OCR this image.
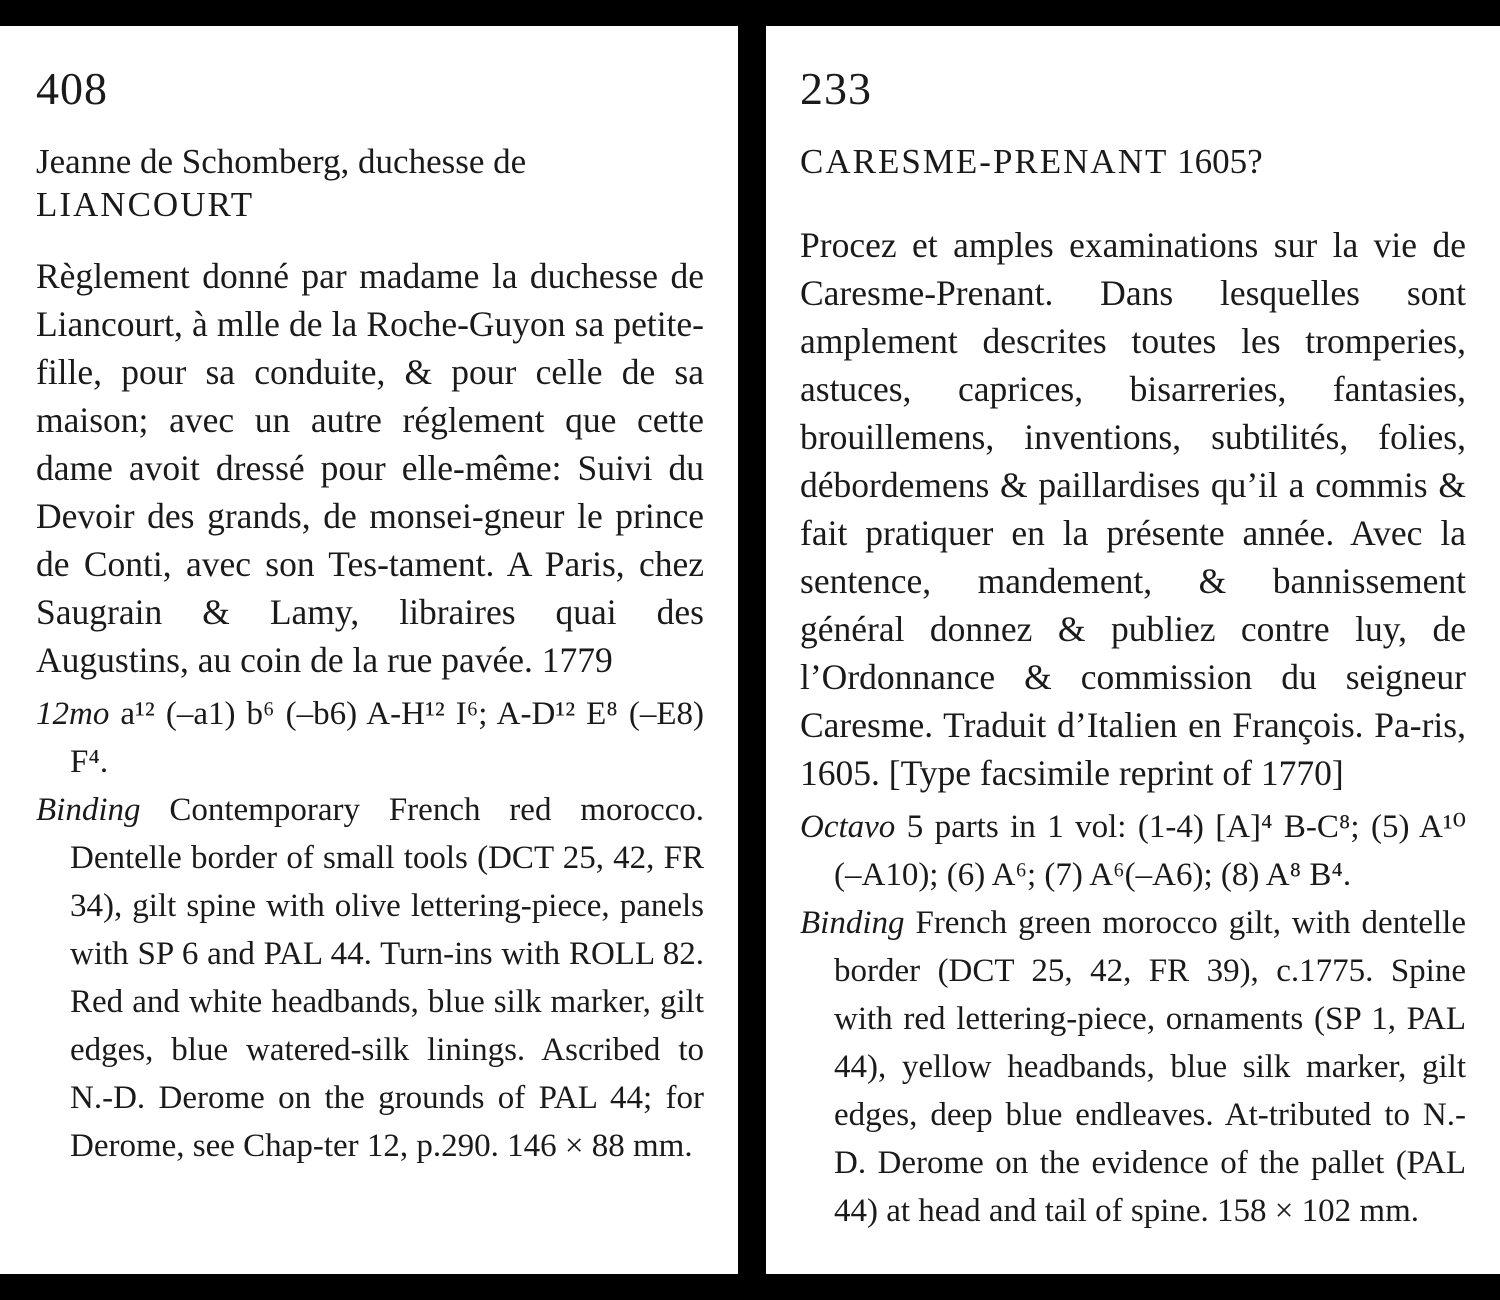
408
Jeanne de Schomberg, duchesse de
LIANCOURT

Règlement donné par madame la duchesse de Liancourt, à mlle de la Roche-Guyon sa petite-fille, pour sa conduite, & pour celle de sa maison; avec un autre réglement que cette dame avoit dressé pour elle-même: Suivi du Devoir des grands, de monsei-gneur le prince de Conti, avec son Tes-tament. A Paris, chez Saugrain & Lamy, libraires quai des Augustins, au coin de la rue pavée. 1779

12mo a¹² (–a1) b⁶ (–b6) A-H¹² I⁶; A-D¹² E⁸ (–E8) F⁴.

Binding Contemporary French red morocco. Dentelle border of small tools (DCT 25, 42, FR 34), gilt spine with olive lettering-piece, panels with SP 6 and PAL 44. Turn-ins with ROLL 82. Red and white headbands, blue silk marker, gilt edges, blue watered-silk linings. Ascribed to N.-D. Derome on the grounds of PAL 44; for Derome, see Chap-ter 12, p.290. 146 × 88 mm.

233
CARESME-PRENANT 1605?

Procez et amples examinations sur la vie de Caresme-Prenant. Dans lesquelles sont amplement descrites toutes les tromperies, astuces, caprices, bisarreries, fantasies, brouillemens, inventions, subtilités, folies, débordemens & paillardises qu’il a commis & fait pratiquer en la présente année. Avec la sentence, mandement, & bannissement général donnez & publiez contre luy, de l’Ordonnance & commission du seigneur Caresme. Traduit d’Italien en François. Pa-ris, 1605. [Type facsimile reprint of 1770]

Octavo 5 parts in 1 vol: (1-4) [A]⁴ B-C⁸; (5) A¹⁰ (–A10); (6) A⁶; (7) A⁶(–A6); (8) A⁸ B⁴.

Binding French green morocco gilt, with dentelle border (DCT 25, 42, FR 39), c.1775. Spine with red lettering-piece, ornaments (SP 1, PAL 44), yellow headbands, blue silk marker, gilt edges, deep blue endleaves. At-tributed to N.-D. Derome on the evidence of the pallet (PAL 44) at head and tail of spine. 158 × 102 mm.
